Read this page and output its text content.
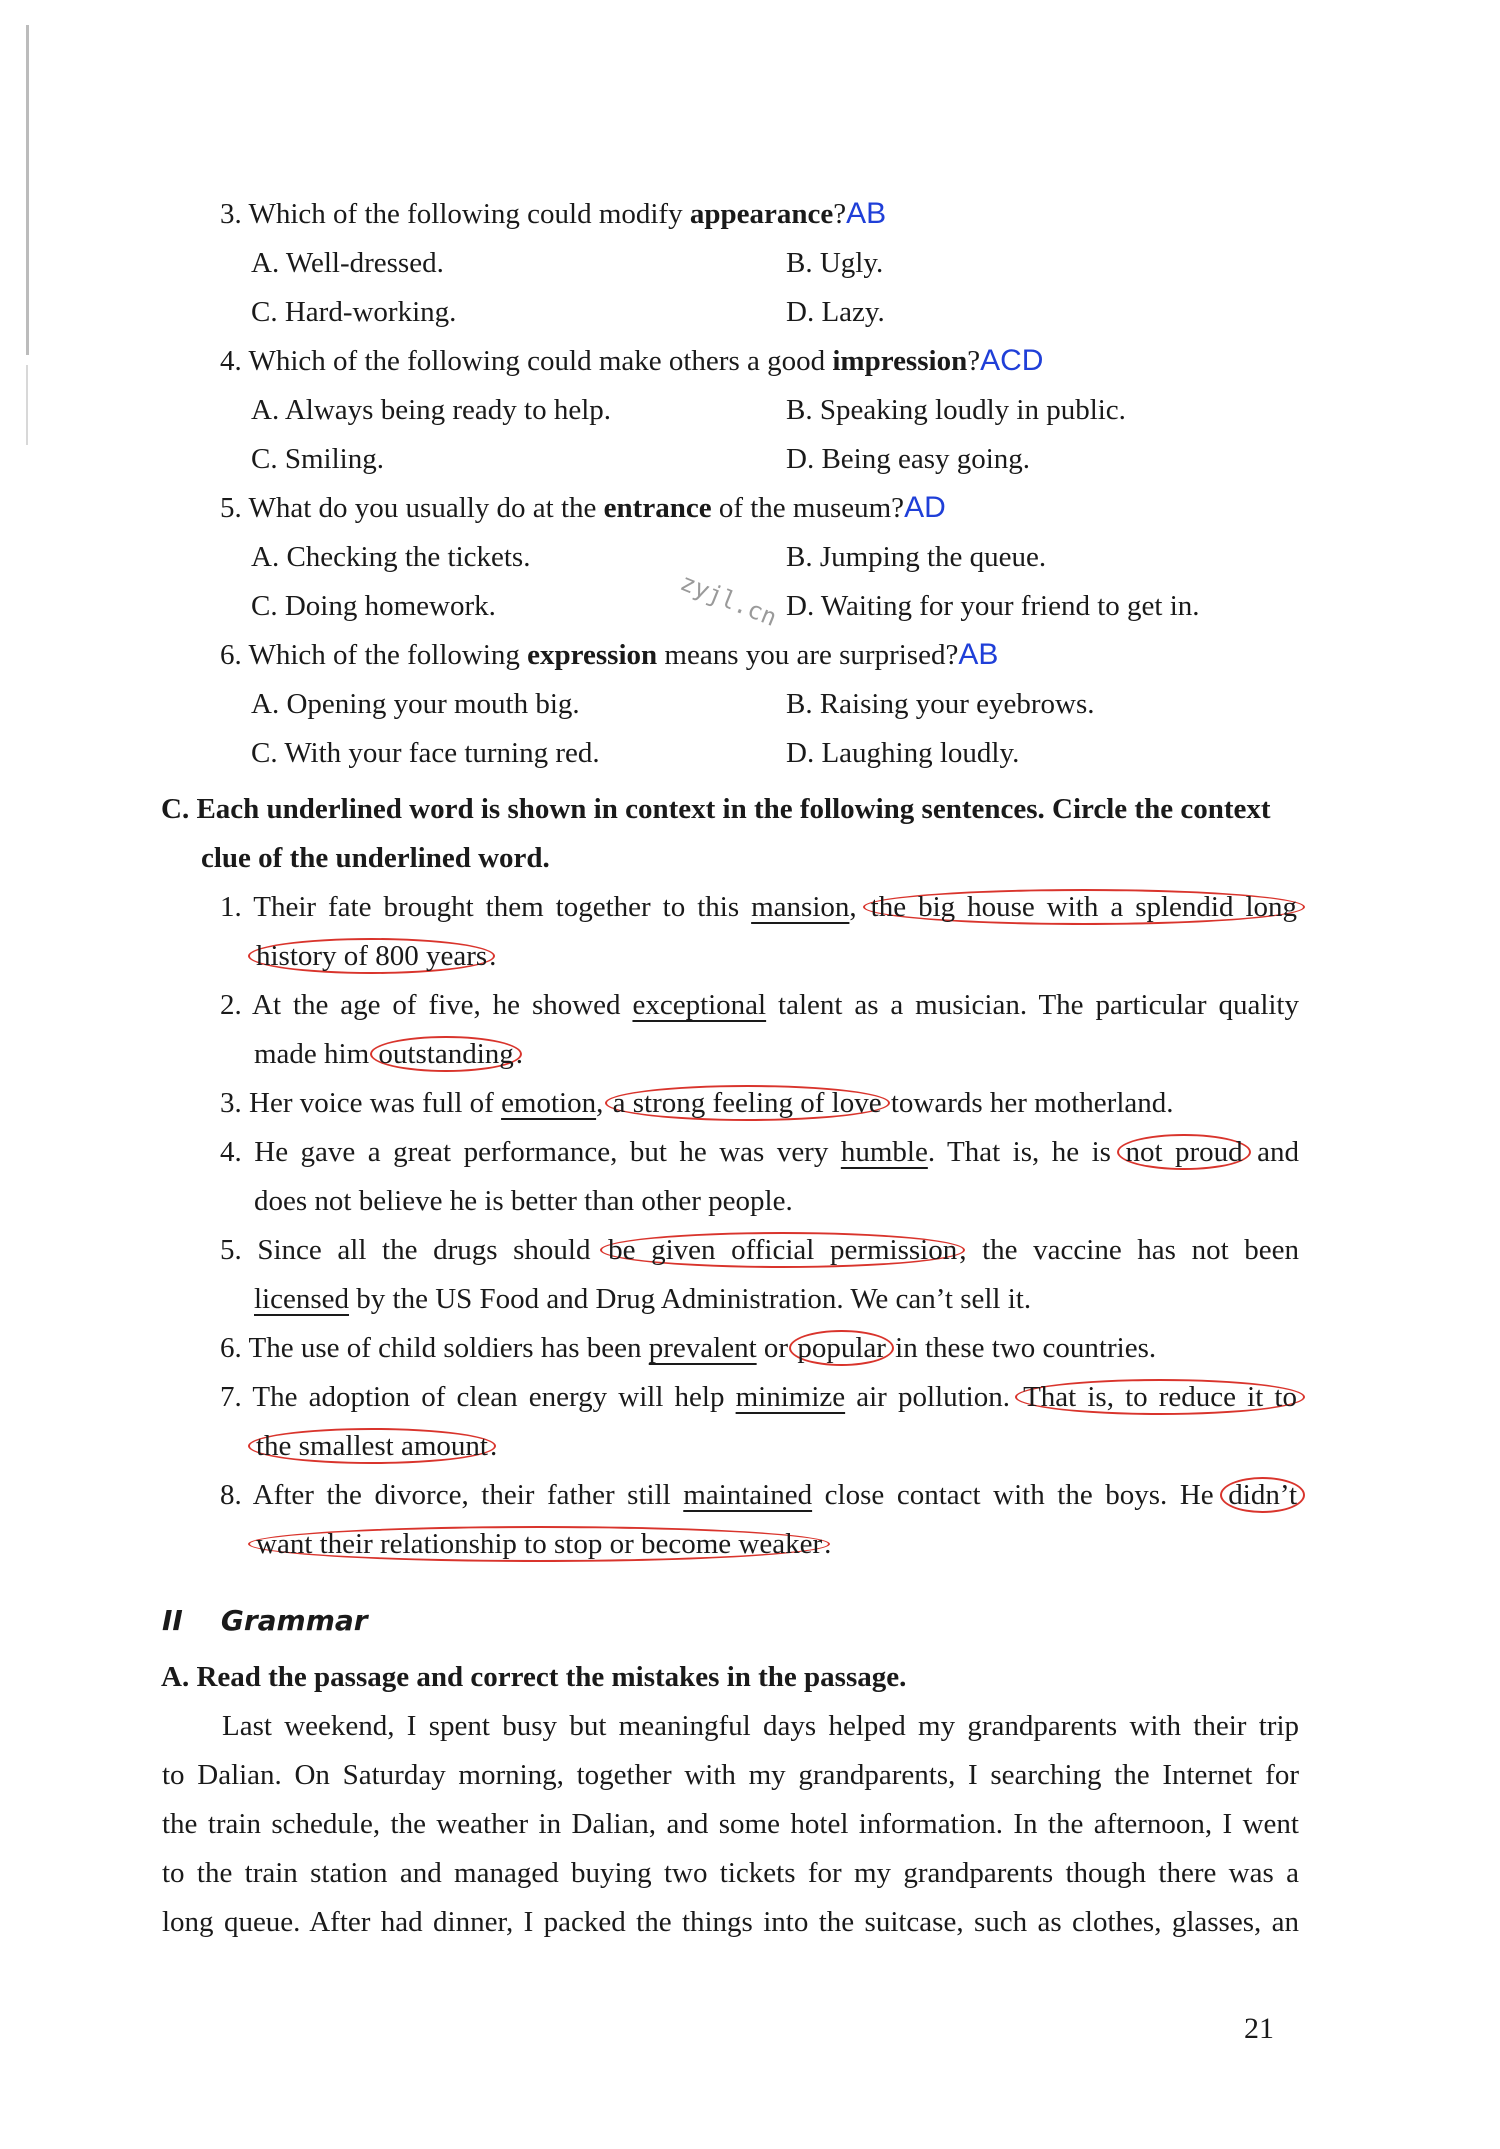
3. Which of the following could modify appearance?AB
A. Well-dressed.	B. Ugly.
C. Hard-working.	D. Lazy.
4. Which of the following could make others a good impression?ACD
A. Always being ready to help.	B. Speaking loudly in public.
C. Smiling.	D. Being easy going.
5. What do you usually do at the entrance of the museum?AD
A. Checking the tickets.	B. Jumping the queue.
C. Doing homework.	D. Waiting for your friend to get in.
zyjl.cn
6. Which of the following expression means you are surprised?AB
A. Opening your mouth big.	B. Raising your eyebrows.
C. With your face turning red.	D. Laughing loudly.
C. Each underlined word is shown in context in the following sentences. Circle the context
clue of the underlined word.
1. Their fate brought them together to this mansion, the big house with a splendid long
history of 800 years.
2. At the age of five, he showed exceptional talent as a musician. The particular quality
made him outstanding.
3. Her voice was full of emotion, a strong feeling of love towards her motherland.
4. He gave a great performance, but he was very humble. That is, he is not proud and
does not believe he is better than other people.
5. Since all the drugs should be given official permission, the vaccine has not been
licensed by the US Food and Drug Administration. We can’t sell it.
6. The use of child soldiers has been prevalent or popular in these two countries.
7. The adoption of clean energy will help minimize air pollution. That is, to reduce it to
the smallest amount.
8. After the divorce, their father still maintained close contact with the boys. He didn’t
want their relationship to stop or become weaker.
II Grammar
A. Read the passage and correct the mistakes in the passage.
Last weekend, I spent busy but meaningful days helped my grandparents with their trip
to Dalian. On Saturday morning, together with my grandparents, I searching the Internet for
the train schedule, the weather in Dalian, and some hotel information. In the afternoon, I went
to the train station and managed buying two tickets for my grandparents though there was a
long queue. After had dinner, I packed the things into the suitcase, such as clothes, glasses, an
21
